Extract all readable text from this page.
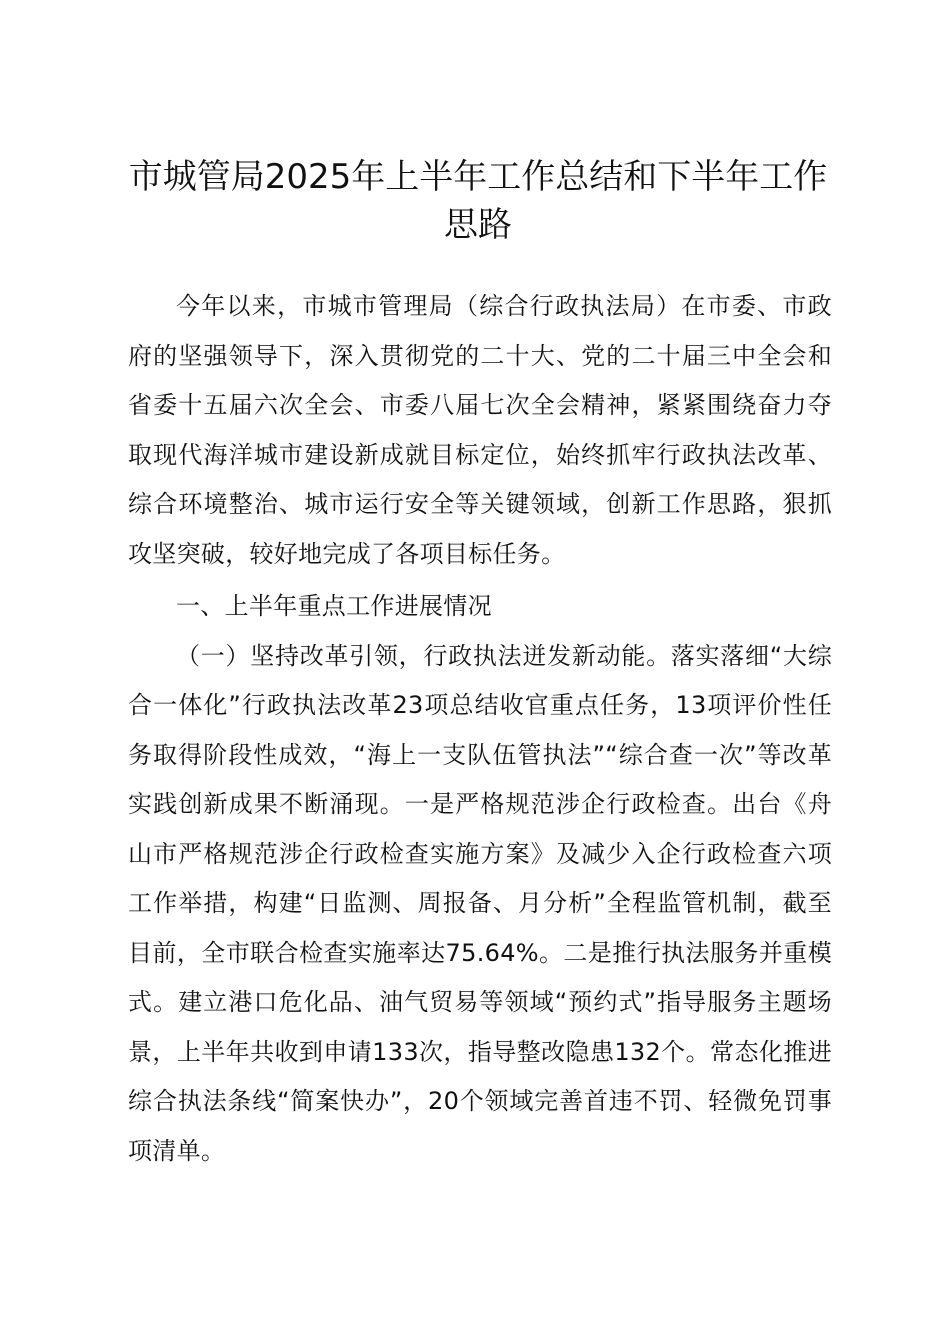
市城管局2025年上半年工作总结和下半年工作思路

今年以来，市城市管理局（综合行政执法局）在市委、市政府的坚强领导下，深入贯彻党的二十大、党的二十届三中全会和省委十五届六次全会、市委八届七次全会精神，紧紧围绕奋力夺取现代海洋城市建设新成就目标定位，始终抓牢行政执法改革、综合环境整治、城市运行安全等关键领域，创新工作思路，狠抓攻坚突破，较好地完成了各项目标任务。

一、上半年重点工作进展情况

（一）坚持改革引领，行政执法迸发新动能。落实落细“大综合一体化”行政执法改革23项总结收官重点任务，13项评价性任务取得阶段性成效，“海上一支队伍管执法”“综合查一次”等改革实践创新成果不断涌现。一是严格规范涉企行政检查。出台《舟山市严格规范涉企行政检查实施方案》及减少入企行政检查六项工作举措，构建“日监测、周报备、月分析”全程监管机制，截至目前，全市联合检查实施率达75.64%。二是推行执法服务并重模式。建立港口危化品、油气贸易等领域“预约式”指导服务主题场景，上半年共收到申请133次，指导整改隐患132个。常态化推进综合执法条线“简案快办”，20个领域完善首违不罚、轻微免罚事项清单。
